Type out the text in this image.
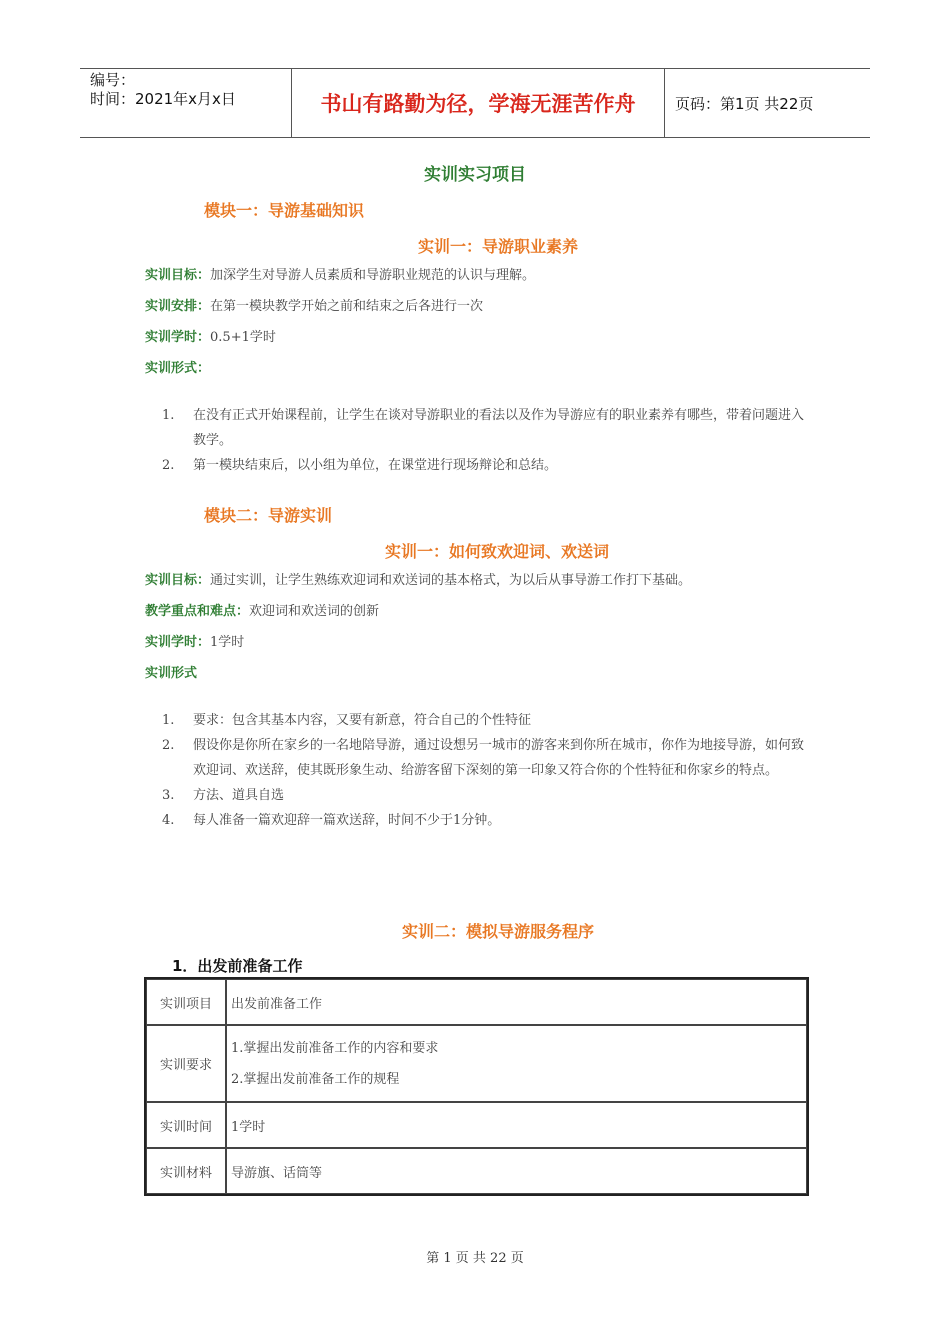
编号：
时间：2021年x月x日	书山有路勤为径，学海无涯苦作舟	页码：第1页 共22页
实训实习项目
模块一：导游基础知识
实训一：导游职业素养
实训目标：加深学生对导游人员素质和导游职业规范的认识与理解。
实训安排：在第一模块教学开始之前和结束之后各进行一次
实训学时：0.5+1学时
实训形式：
1. 在没有正式开始课程前，让学生在谈对导游职业的看法以及作为导游应有的职业素养有哪些，带着问题进入教学。
2. 第一模块结束后，以小组为单位，在课堂进行现场辩论和总结。
模块二：导游实训
实训一：如何致欢迎词、欢送词
实训目标：通过实训，让学生熟练欢迎词和欢送词的基本格式，为以后从事导游工作打下基础。
教学重点和难点：欢迎词和欢送词的创新
实训学时：1学时
实训形式
1. 要求：包含其基本内容，又要有新意，符合自己的个性特征
2. 假设你是你所在家乡的一名地陪导游，通过设想另一城市的游客来到你所在城市，你作为地接导游，如何致欢迎词、欢送辞，使其既形象生动、给游客留下深刻的第一印象又符合你的个性特征和你家乡的特点。
3. 方法、道具自选
4. 每人准备一篇欢迎辞一篇欢送辞，时间不少于1分钟。
实训二：模拟导游服务程序
1．出发前准备工作
实训项目	出发前准备工作
实训要求	1.掌握出发前准备工作的内容和要求
2.掌握出发前准备工作的规程

实训时间	1学时
实训材料	导游旗、话筒等
第 1 页 共 22 页
